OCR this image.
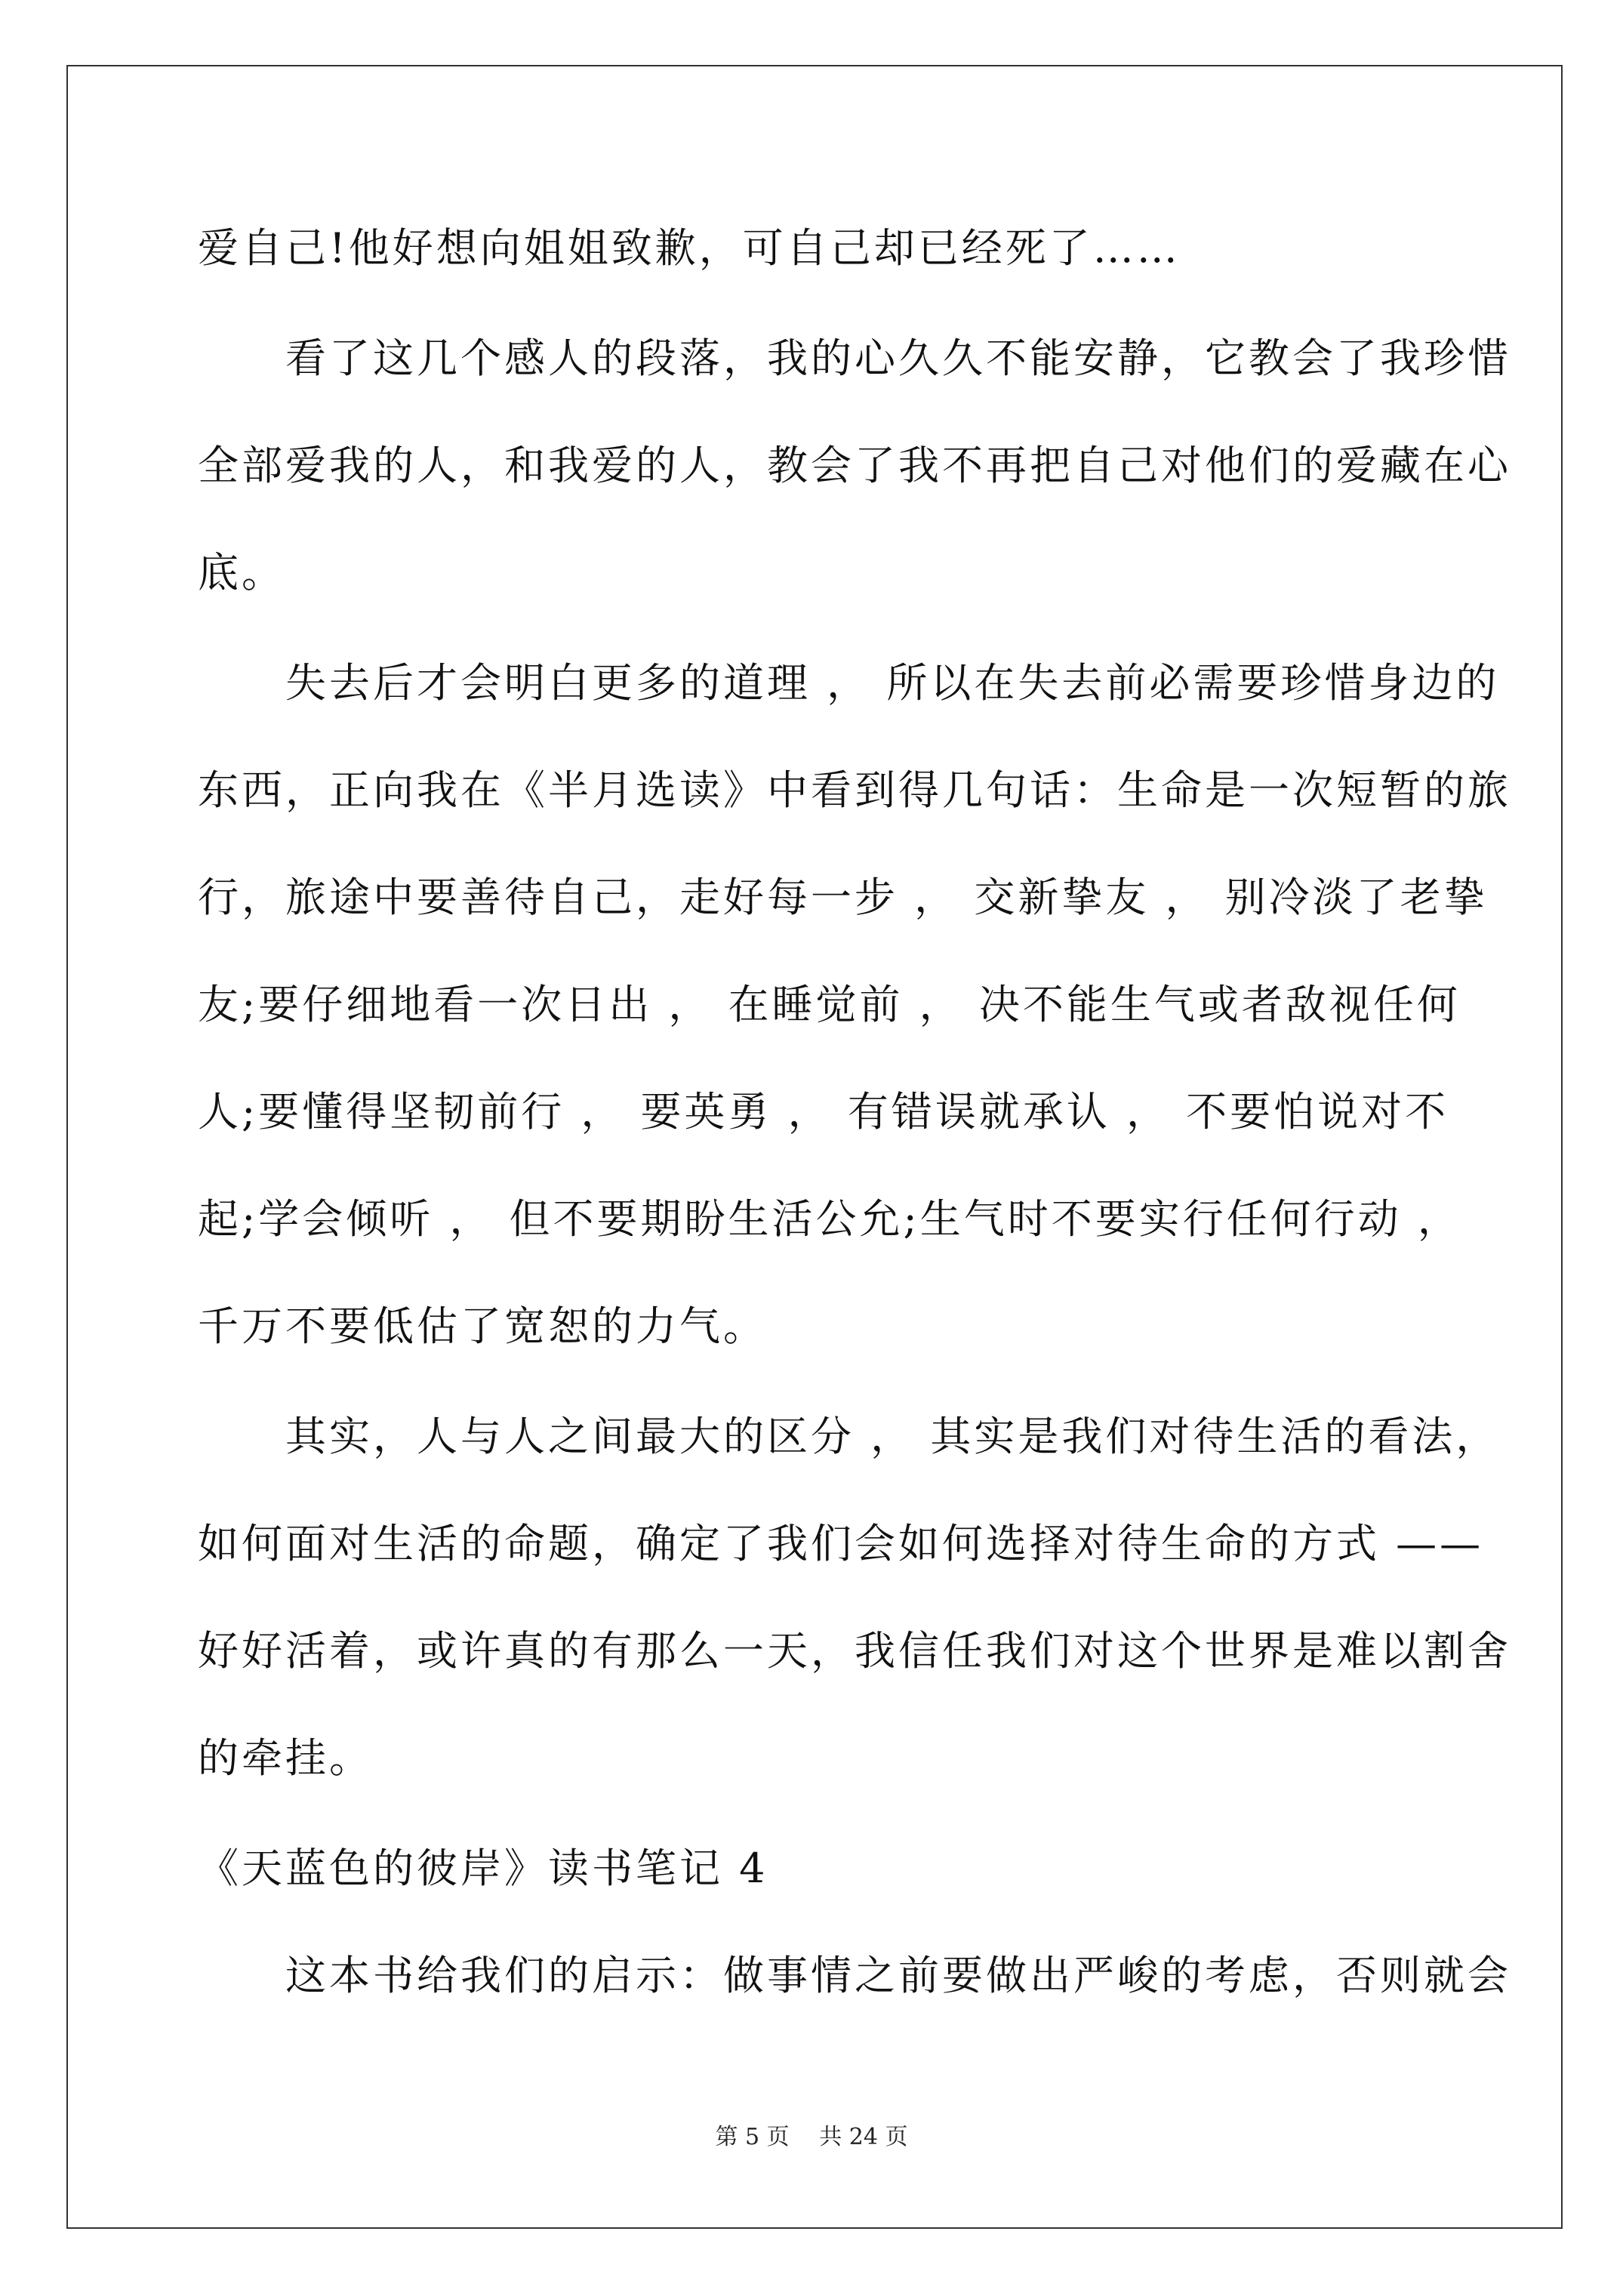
爱自己!他好想向姐姐致歉，可自己却已经死了……
　　看了这几个感人的段落，我的心久久不能安静，它教会了我珍惜
全部爱我的人，和我爱的人，教会了我不再把自己对他们的爱藏在心
底。
　　失去后才会明白更多的道理 ， 所以在失去前必需要珍惜身边的
东西，正向我在《半月选读》中看到得几句话：生命是一次短暂的旅
行，旅途中要善待自己，走好每一步 ， 交新挚友 ， 别冷淡了老挚
友;要仔细地看一次日出 ， 在睡觉前 ， 决不能生气或者敌视任何
人;要懂得坚韧前行 ， 要英勇 ， 有错误就承认 ， 不要怕说对不
起;学会倾听 ， 但不要期盼生活公允;生气时不要实行任何行动 ，
千万不要低估了宽恕的力气。
　　其实，人与人之间最大的区分 ， 其实是我们对待生活的看法，
如何面对生活的命题，确定了我们会如何选择对待生命的方式 ——
好好活着，或许真的有那么一天，我信任我们对这个世界是难以割舍
的牵挂。
《天蓝色的彼岸》读书笔记 4
　　这本书给我们的启示：做事情之前要做出严峻的考虑，否则就会
第 5 页　 共 24 页
